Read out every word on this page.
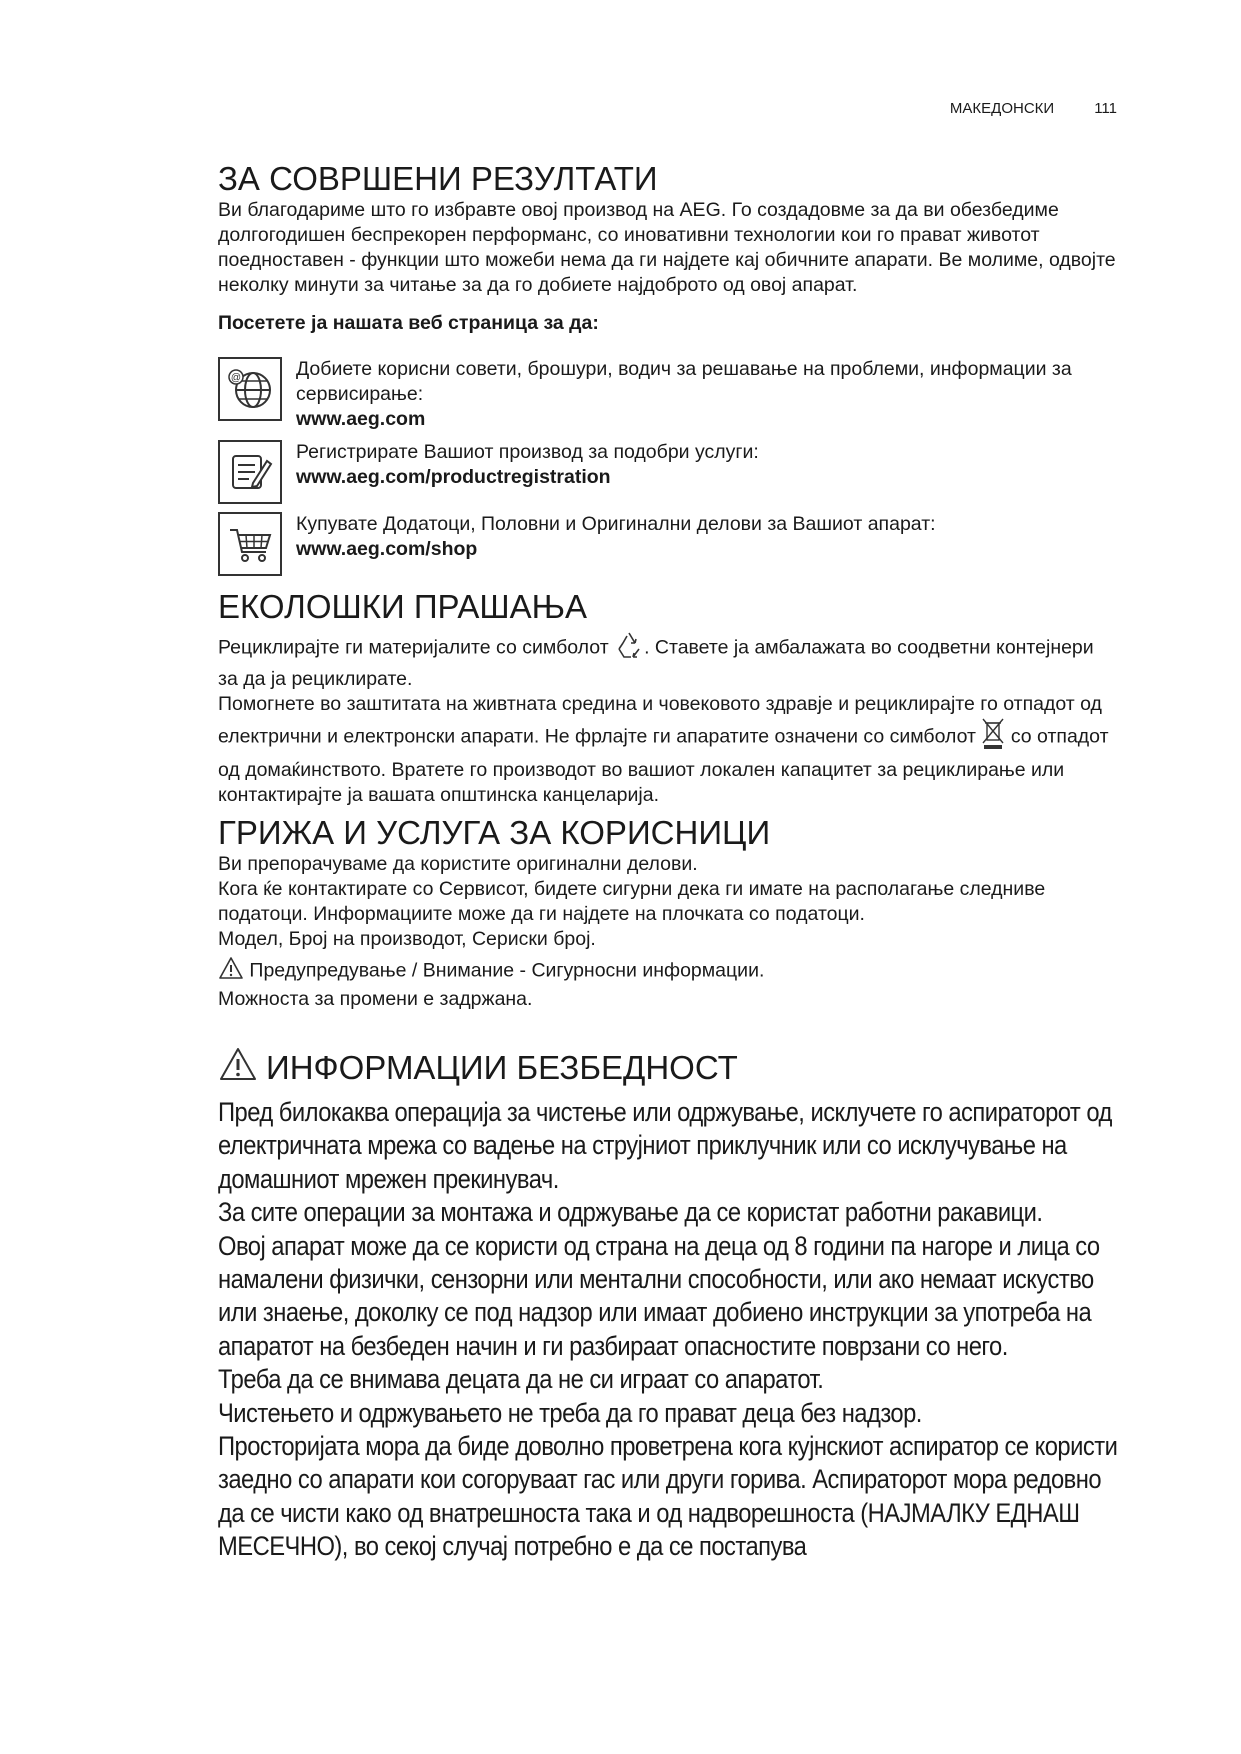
МАКЕДОНСКИ	111
ЗА СОВРШЕНИ РЕЗУЛТАТИ

Ви благодариме што го избравте овој производ на AEG. Го создадовме за да ви обезбедиме долгогодишен беспрекорен перформанс, со иновативни технологии кои го прават животот поедноставен - функции што можеби нема да ги најдете кај обичните апарати. Ве молиме, одвојте неколку минути за читање за да го добиете најдоброто од овој апарат.

Посетете ја нашата веб страница за да:

@	Добиете корисни совети, брошури, водич за решавање на проблеми, информации за сервисирање:

www.aeg.com

Регистрирате Вашиот производ за подобри услуги:

www.aeg.com/productregistration

Купувате Додатоци, Половни и Оригинални делови за Вашиот апарат:

www.aeg.com/shop

ЕКОЛОШКИ ПРАШАЊА

Рециклирајте ги материјалите со симболот . Ставете ја амбалажата во соодветни контејнери за да ја рециклирате.

Помогнете во заштитата на живтната средина и човековото здравје и рециклирајте го отпадот од електрични и електронски апарати. Не фрлајте ги апаратите означени со симболот со отпадот од домаќинството. Вратете го производот во вашиот локален капацитет за рециклирање или контактирајте ја вашата општинска канцеларија.

ГРИЖА И УСЛУГА ЗА КОРИСНИЦИ

Ви препорачуваме да користите оригинални делови.

Кога ќе контактирате со Сервисот, бидете сигурни дека ги имате на располагање следниве податоци. Информациите може да ги најдете на плочката со податоци.

Модел, Број на производот, Сериски број.

Предупредување / Внимание - Сигурносни информации.

Можноста за промени е задржана.

ИНФОРМАЦИИ БЕЗБЕДНОСТ

Пред билокаква операција за чистење или одржување, исклучете го аспираторот од електричната мрежа со вадење на струјниот приклучник или со исклучување на домашниот мрежен прекинувач.

За сите операции за монтажа и одржување да се користат работни ракавици.

Овој апарат може да се користи од страна на деца од 8 години па нагоре и лица со намалени физички, сензорни или ментални способности, или ако немаат искуство или знаење, доколку се под надзор или имаат добиено инструкции за употреба на апаратот на безбеден начин и ги разбираат опасностите поврзани со него.

Треба да се внимава децата да не си играат со апаратот.

Чистењето и одржувањето не треба да го прават деца без надзор.

Просторијата мора да биде доволно проветрена кога кујнскиот аспиратор се користи заедно со апарати кои согоруваат гас или други горива. Аспираторот мора редовно да се чисти како од внатрешноста така и од надворешноста (НАЈМАЛКУ ЕДНАШ МЕСЕЧНО), во секој случај потребно е да се постапува
